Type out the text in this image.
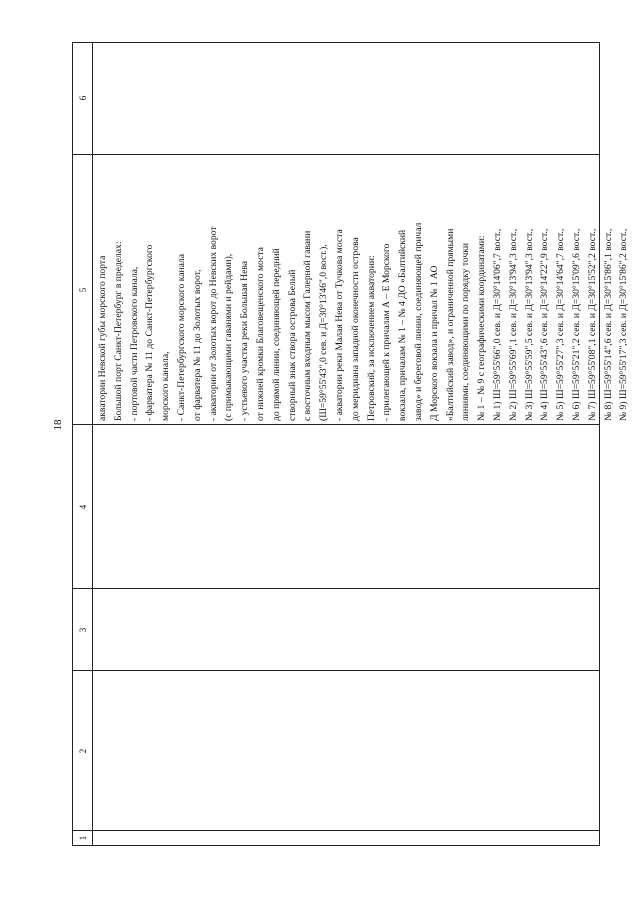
18
1
2
3
4
5
6
акватории Невской губы морского порта Большой порт Санкт-Петербург в пределах: - портовой части Петровского канала, - фарватера № 11 до Санкт-Петербургского морского канала, - Санкт-Петербургского морского канала от фарватера № 11 до Золотых ворот, - акватории от Золотых ворот до Невских ворот (с примыкающими гаванями и рейдами), - устьевого участка реки Большая Нева от нижней кромки Благовещенского моста до прямой линии, соединяющей передний створный знак створа острова Белый с восточным входным мысом Галерной гавани (Ш=59°55'43",0 сев. и Д=30°13'46",0 вост.), - акватории реки Малая Нева от Тучкова моста до меридиана западной оконечности острова Петровский, за исключением акватории: - прилегающей к причалам А – Е Морского вокзала, причалам № 1 – № 4 ДО «Балтийский завод» и береговой линии, соединяющей причал Д Морского вокзала и причал № 1 АО «Балтийский завод», и ограниченной прямыми линиями, соединяющими по порядку точки № 1 – № 9 с географическими координатами: № 1) Ш=59°55'66",0 сев. и Д=30°14'06",7 вост., № 2) Ш=59°55'69",1 сев. и Д=30°13'94",3 вост., № 3) Ш=59°55'59",5 сев. и Д=30°13'94",3 вост., № 4) Ш=59°55'43",6 сев. и Д=30°14'22",9 вост., № 5) Ш=59°55'27",3 сев. и Д=30°14'64",7 вост., № 6) Ш=59°55'21",2 сев. и Д=30°15'09",6 вост., № 7) Ш=59°55'08",1 сев. и Д=30°15'52",2 вост., № 8) Ш=59°55'14",6 сев. и Д=30°15'86",1 вост., № 9) Ш=59°55'17",3 сев. и Д=30°15'86",2 вост.,
